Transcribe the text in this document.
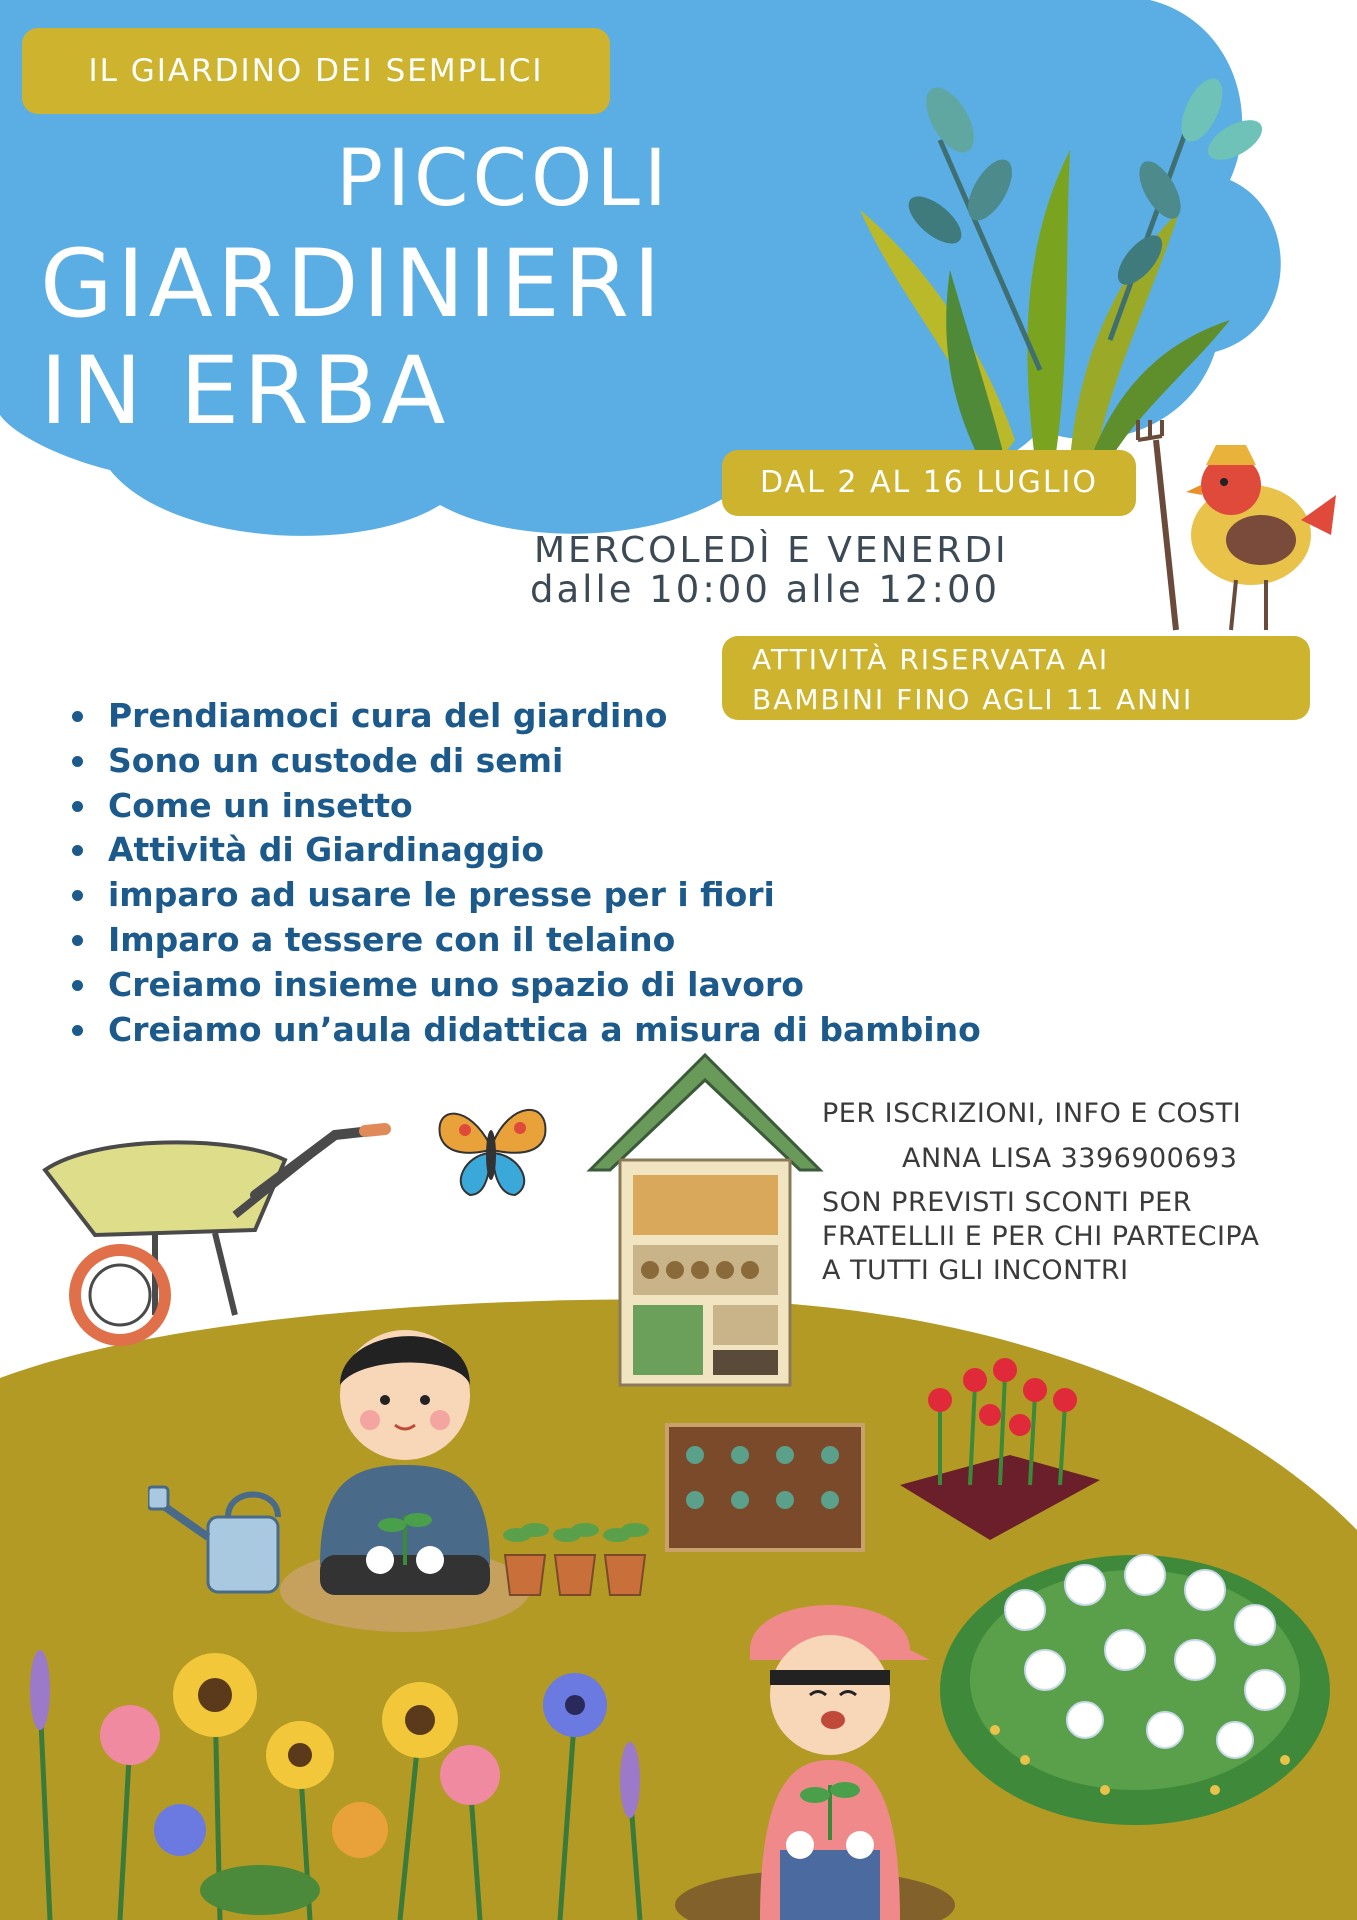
IL GIARDINO DEI SEMPLICI
PICCOLI
GIARDINIERI
IN ERBA
DAL 2 AL 16 LUGLIO
MERCOLEDÌ E VENERDI
dalle 10:00 alle 12:00
ATTIVITÀ RISERVATA AI
BAMBINI FINO AGLI 11 ANNI
Prendiamoci cura del giardino
Sono un custode di semi
Come un insetto
Attività di Giardinaggio
imparo ad usare le presse per i fiori
Imparo a tessere con il telaino
Creiamo insieme uno spazio di lavoro
Creiamo un’aula didattica a misura di bambino
PER ISCRIZIONI, INFO E COSTI
ANNA LISA 3396900693
SON PREVISTI SCONTI PER
FRATELLII E PER CHI PARTECIPA
A TUTTI GLI INCONTRI
